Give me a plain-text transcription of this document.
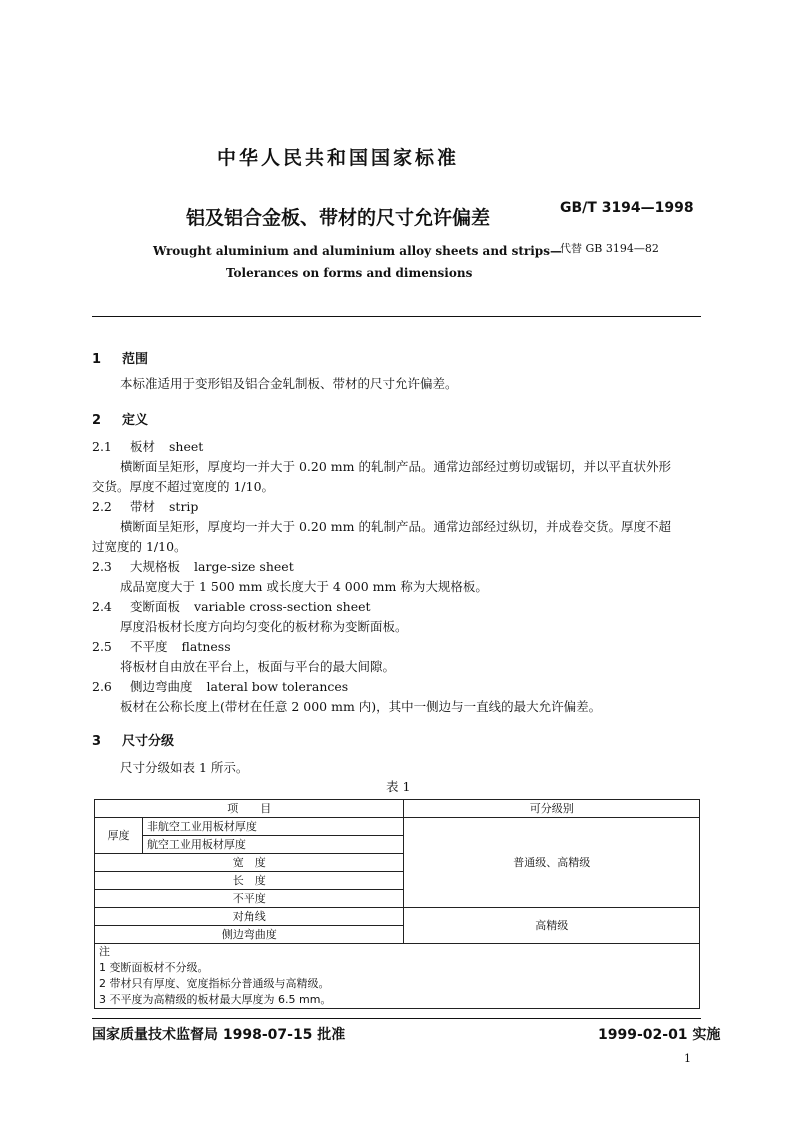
中华人民共和国国家标准
铝及铝合金板、带材的尺寸允许偏差	GB/T 3194—1998
代替 GB 3194—82
Wrought aluminium and aluminium alloy sheets and strips—
Tolerances on forms and dimensions
1 范围
本标准适用于变形铝及铝合金轧制板、带材的尺寸允许偏差。
2 定义
2.1 板材 sheet
横断面呈矩形，厚度均一并大于 0.20 mm 的轧制产品。通常边部经过剪切或锯切，并以平直状外形
交货。厚度不超过宽度的 1/10。
2.2 带材 strip
横断面呈矩形，厚度均一并大于 0.20 mm 的轧制产品。通常边部经过纵切，并成卷交货。厚度不超
过宽度的 1/10。
2.3 大规格板 large-size sheet
成品宽度大于 1 500 mm 或长度大于 4 000 mm 称为大规格板。
2.4 变断面板 variable cross-section sheet
厚度沿板材长度方向均匀变化的板材称为变断面板。
2.5 不平度 flatness
将板材自由放在平台上，板面与平台的最大间隙。
2.6 侧边弯曲度 lateral bow tolerances
板材在公称长度上(带材在任意 2 000 mm 内)，其中一侧边与一直线的最大允许偏差。
3 尺寸分级
尺寸分级如表 1 所示。
表 1
项　　目		可分级别
厚度	非航空工业用板材厚度	普通级、高精级
	航空工业用板材厚度	
宽　度		
长　度		
不平度		
对角线		高精级
侧边弯曲度		

注
1 变断面板材不分级。
2 带材只有厚度、宽度指标分普通级与高精级。
3 不平度为高精级的板材最大厚度为 6.5 mm。		
国家质量技术监督局 1998-07-15 批准	1999-02-01 实施
1
